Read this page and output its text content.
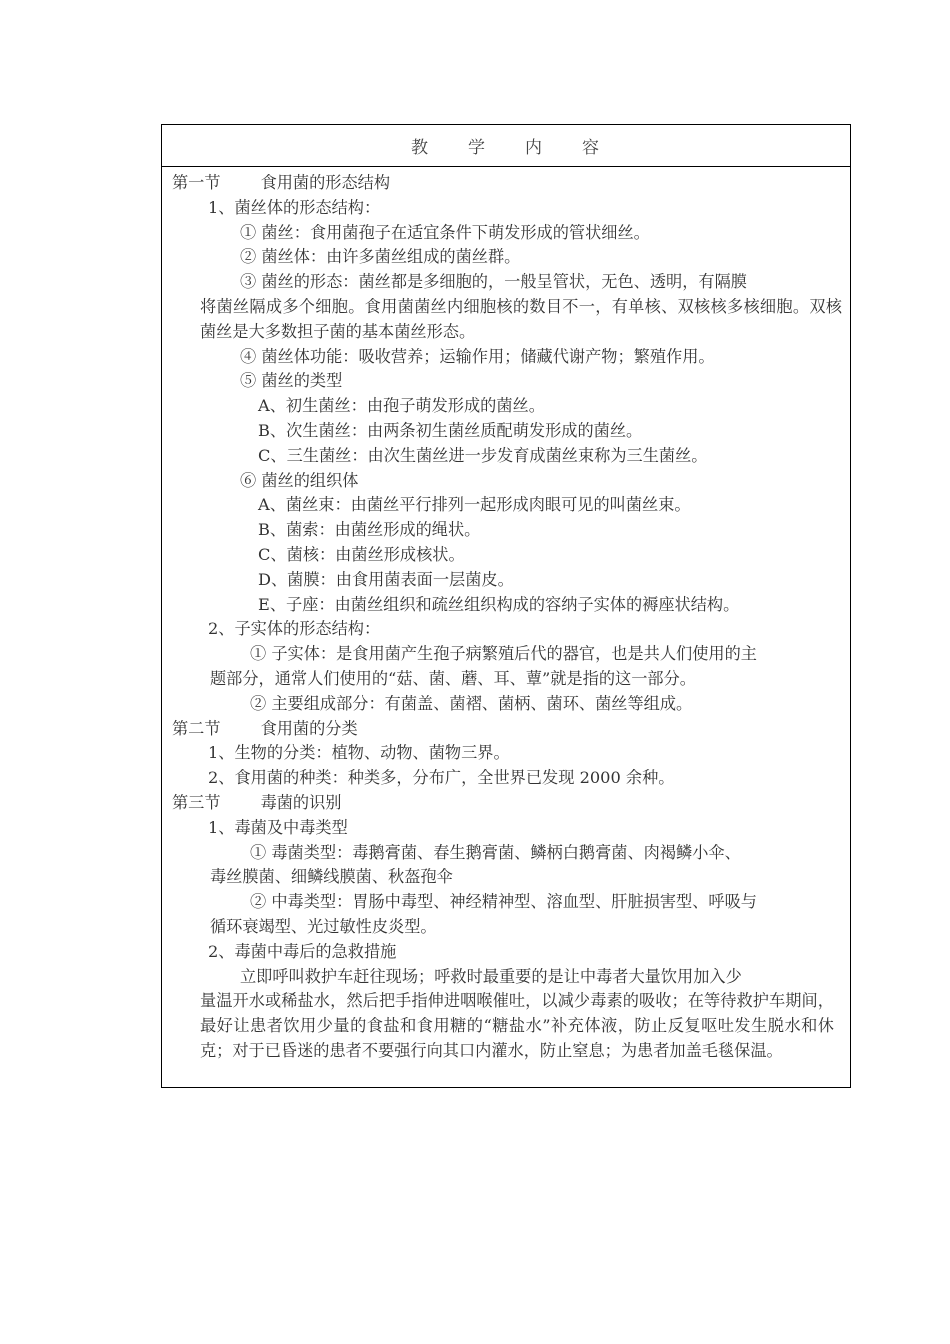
教　　学　　内　　容
第一节 食用菌的形态结构
1、菌丝体的形态结构：
① 菌丝：食用菌孢子在适宜条件下萌发形成的管状细丝。
② 菌丝体：由许多菌丝组成的菌丝群。
③ 菌丝的形态：菌丝都是多细胞的，一般呈管状，无色、透明，有隔膜
将菌丝隔成多个细胞。食用菌菌丝内细胞核的数目不一，有单核、双核核多核细胞。双核菌丝是大多数担子菌的基本菌丝形态。
④ 菌丝体功能：吸收营养；运输作用；储藏代谢产物；繁殖作用。
⑤ 菌丝的类型
A、初生菌丝：由孢子萌发形成的菌丝。
B、次生菌丝：由两条初生菌丝质配萌发形成的菌丝。
C、三生菌丝：由次生菌丝进一步发育成菌丝束称为三生菌丝。
⑥ 菌丝的组织体
A、菌丝束：由菌丝平行排列一起形成肉眼可见的叫菌丝束。
B、菌索：由菌丝形成的绳状。
C、菌核：由菌丝形成核状。
D、菌膜：由食用菌表面一层菌皮。
E、子座：由菌丝组织和疏丝组织构成的容纳子实体的褥座状结构。
2、子实体的形态结构：
① 子实体：是食用菌产生孢子病繁殖后代的器官，也是共人们使用的主
题部分，通常人们使用的“菇、菌、蘑、耳、蕈”就是指的这一部分。
② 主要组成部分：有菌盖、菌褶、菌柄、菌环、菌丝等组成。
第二节 食用菌的分类
1、生物的分类：植物、动物、菌物三界。
2、食用菌的种类：种类多，分布广，全世界已发现 2000 余种。
第三节 毒菌的识别
1、毒菌及中毒类型
① 毒菌类型：毒鹅膏菌、春生鹅膏菌、鳞柄白鹅膏菌、肉褐鳞小伞、
毒丝膜菌、细鳞线膜菌、秋盔孢伞
② 中毒类型：胃肠中毒型、神经精神型、溶血型、肝脏损害型、呼吸与
循环衰竭型、光过敏性皮炎型。
2、毒菌中毒后的急救措施
立即呼叫救护车赶往现场；呼救时最重要的是让中毒者大量饮用加入少
量温开水或稀盐水，然后把手指伸进咽喉催吐，以减少毒素的吸收；在等待救护车期间，最好让患者饮用少量的食盐和食用糖的“糖盐水”补充体液，防止反复呕吐发生脱水和休克；对于已昏迷的患者不要强行向其口内灌水，防止窒息；为患者加盖毛毯保温。
